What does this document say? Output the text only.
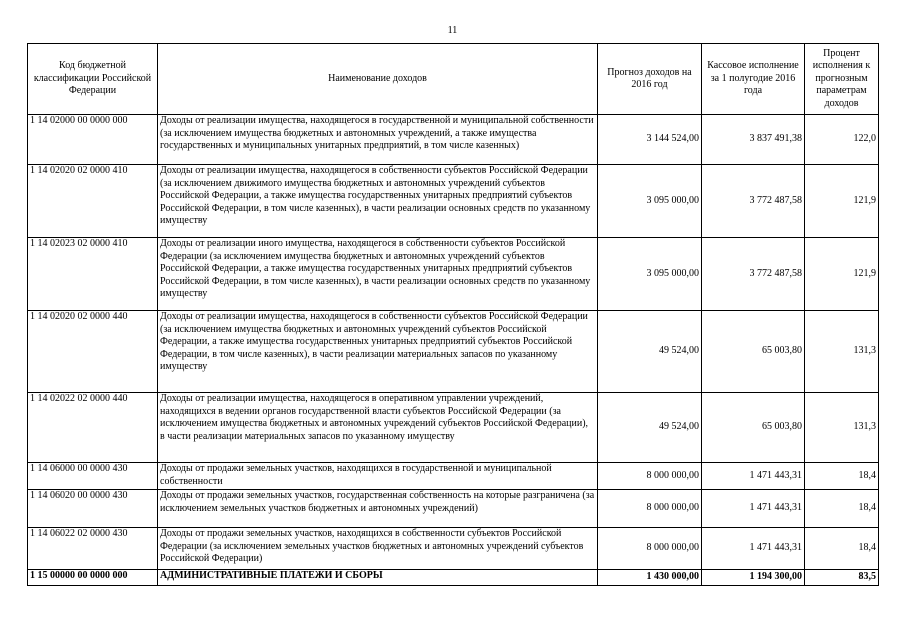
11
Код бюджетной классификации Российской Федерации	Наименование доходов	Прогноз доходов на 2016 год	Кассовое исполнение за 1 полугодие 2016 года	Процент исполнения к прогнозным параметрам доходов
1 14 02000 00 0000 000	Доходы от реализации имущества, находящегося в государственной и муниципальной собственности (за исключением имущества бюджетных и автономных учреждений, а также имущества государственных и муниципальных унитарных предприятий, в том числе казенных)	3 144 524,00	3 837 491,38	122,0
1 14 02020 02 0000 410	Доходы от реализации имущества, находящегося в собственности субъектов Российской Федерации (за исключением движимого имущества бюджетных и автономных учреждений субъектов Российской Федерации, а также имущества государственных унитарных предприятий субъектов Российской Федерации, в том числе казенных), в части реализации основных средств по указанному имуществу	3 095 000,00	3 772 487,58	121,9
1 14 02023 02 0000 410	Доходы от реализации иного имущества, находящегося в собственности субъектов Российской Федерации (за исключением имущества бюджетных и автономных учреждений субъектов Российской Федерации, а также имущества государственных унитарных предприятий субъектов Российской Федерации, в том числе казенных), в части реализации основных средств по указанному имуществу	3 095 000,00	3 772 487,58	121,9
1 14 02020 02 0000 440	Доходы от реализации имущества, находящегося в собственности субъектов Российской Федерации (за исключением имущества бюджетных и автономных учреждений субъектов Российской Федерации, а также имущества государственных унитарных предприятий субъектов Российской Федерации, в том числе казенных), в части реализации материальных запасов по указанному имуществу	49 524,00	65 003,80	131,3
1 14 02022 02 0000 440	Доходы от реализации имущества, находящегося в оперативном управлении учреждений, находящихся в ведении органов государственной власти субъектов Российской Федерации (за исключением имущества бюджетных и автономных учреждений субъектов Российской Федерации), в части реализации материальных запасов по указанному имуществу	49 524,00	65 003,80	131,3
1 14 06000 00 0000 430	Доходы от продажи земельных участков, находящихся в государственной и муниципальной собственности	8 000 000,00	1 471 443,31	18,4
1 14 06020 00 0000 430	Доходы от продажи земельных участков, государственная собственность на которые разграничена (за исключением земельных участков бюджетных и автономных учреждений)	8 000 000,00	1 471 443,31	18,4
1 14 06022 02 0000 430	Доходы от продажи земельных участков, находящихся в собственности субъектов Российской Федерации (за исключением земельных участков бюджетных и автономных учреждений субъектов Российской Федерации)	8 000 000,00	1 471 443,31	18,4
1 15 00000 00 0000 000	АДМИНИСТРАТИВНЫЕ ПЛАТЕЖИ И СБОРЫ	1 430 000,00	1 194 300,00	83,5
